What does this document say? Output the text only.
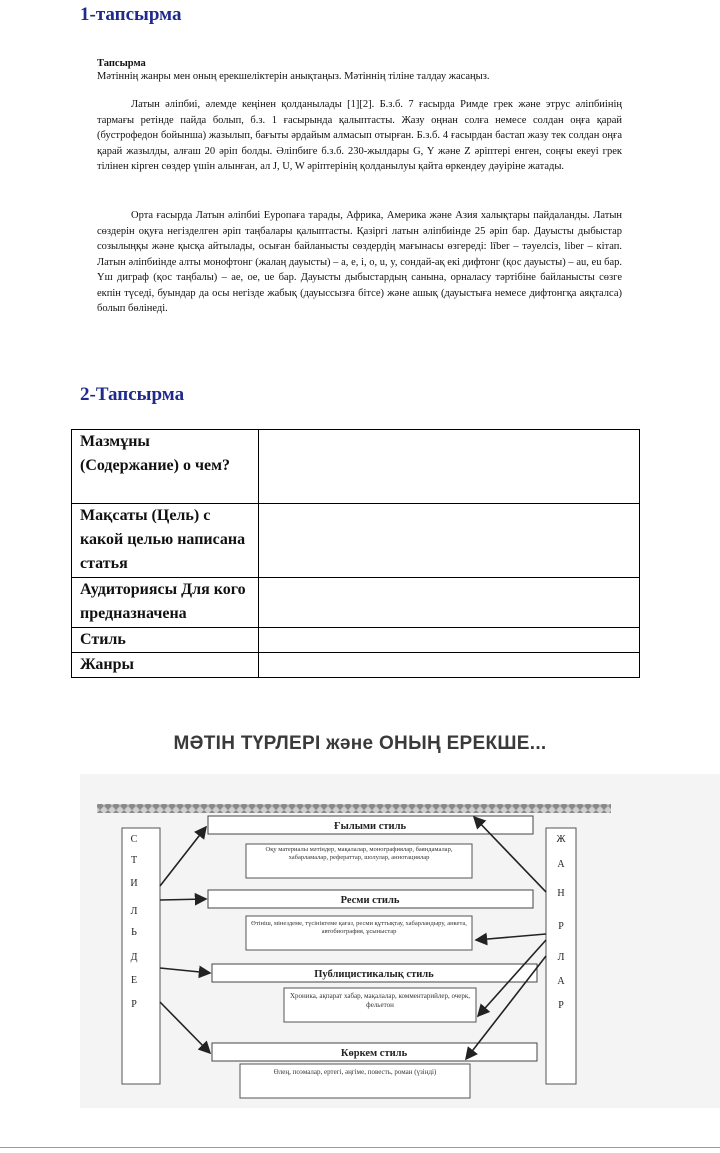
1-тапсырма
Тапсырма
Мәтіннің жанры мен оның ерекшеліктерін анықтаңыз. Мәтіннің тіліне талдау жасаңыз.
Латын әліпбиі, әлемде кеңінен қолданылады [1][2]. Б.з.б. 7 ғасырда Римде грек және этрус әліпбиінің тармағы ретінде пайда болып, б.з. 1 ғасырында қалыптасты. Жазу оңнан солға немесе солдан оңға қарай (бустрофедон бойынша) жазылып, бағыты әрдайым алмасып отырған. Б.з.б. 4 ғасырдан бастап жазу тек солдан оңға қарай жазылды, алғаш 20 әріп болды. Әліпбиге б.з.б. 230-жылдары G, Y және Z әріптері енген, соңғы екеуі грек тілінен кірген сөздер үшін алынған, ал J, U, W әріптерінің қолданылуы қайта өркендеу дәуіріне жатады.
Орта ғасырда Латын әліпбиі Еуропаға тарады, Африка, Америка және Азия халықтары пайдаланды. Латын сөздерін оқуға негізделген әріп таңбалары қалыптасты. Қазіргі латын әліпбиінде 25 әріп бар. Дауысты дыбыстар созылыңқы және қысқа айтылады, осыған байланысты сөздердің мағынасы өзгереді: līber – тәуелсіз, liber – кітап. Латын әліпбиінде алты монофтонг (жалаң дауысты) – a, e, i, o, u, y, сондай-ақ екі дифтонг (қос дауысты) – au, eu бар. Үш диграф (қос таңбалы) – ae, oe, ue бар. Дауысты дыбыстардың санына, орналасу тәртібіне байланысты сөзге екпін түседі, буындар да осы негізде жабық (дауыссызға бітсе) және ашық (дауыстыға немесе дифтонгқа аяқталса) болып бөлінеді.
2-Тапсырма
Мазмұны (Содержание) о чем?	
Мақсаты (Цель) с какой целью написана статья	
Аудиториясы Для кого предназначена	
Стиль	
Жанры	
МӘТІН ТҮРЛЕРІ және ОНЫҢ ЕРЕКШЕ...
С
Т
И
Л
Ь
Д
Е
Р
Ж
А
Н
Р
Л
А
Р
Ғылыми стиль
Ресми стиль
Публицистикалық стиль
Көркем стиль
Оқу материалы мәтіндер, мақалалар, монографиялар, баяндамалар, хабарламалар, рефераттар, шолулар, аннотациялар
Өтініш, мінездеме, түсініктеме қағаз, ресми құттықтау, хабарландыру, анкета, автобиография, ұсыныстар
Хроника, ақпарат хабар, мақалалар, комментарийлер, очерк, фельетон
Өлең, поэмалар, ертегі, әңгіме, повесть, роман (үзінді)
